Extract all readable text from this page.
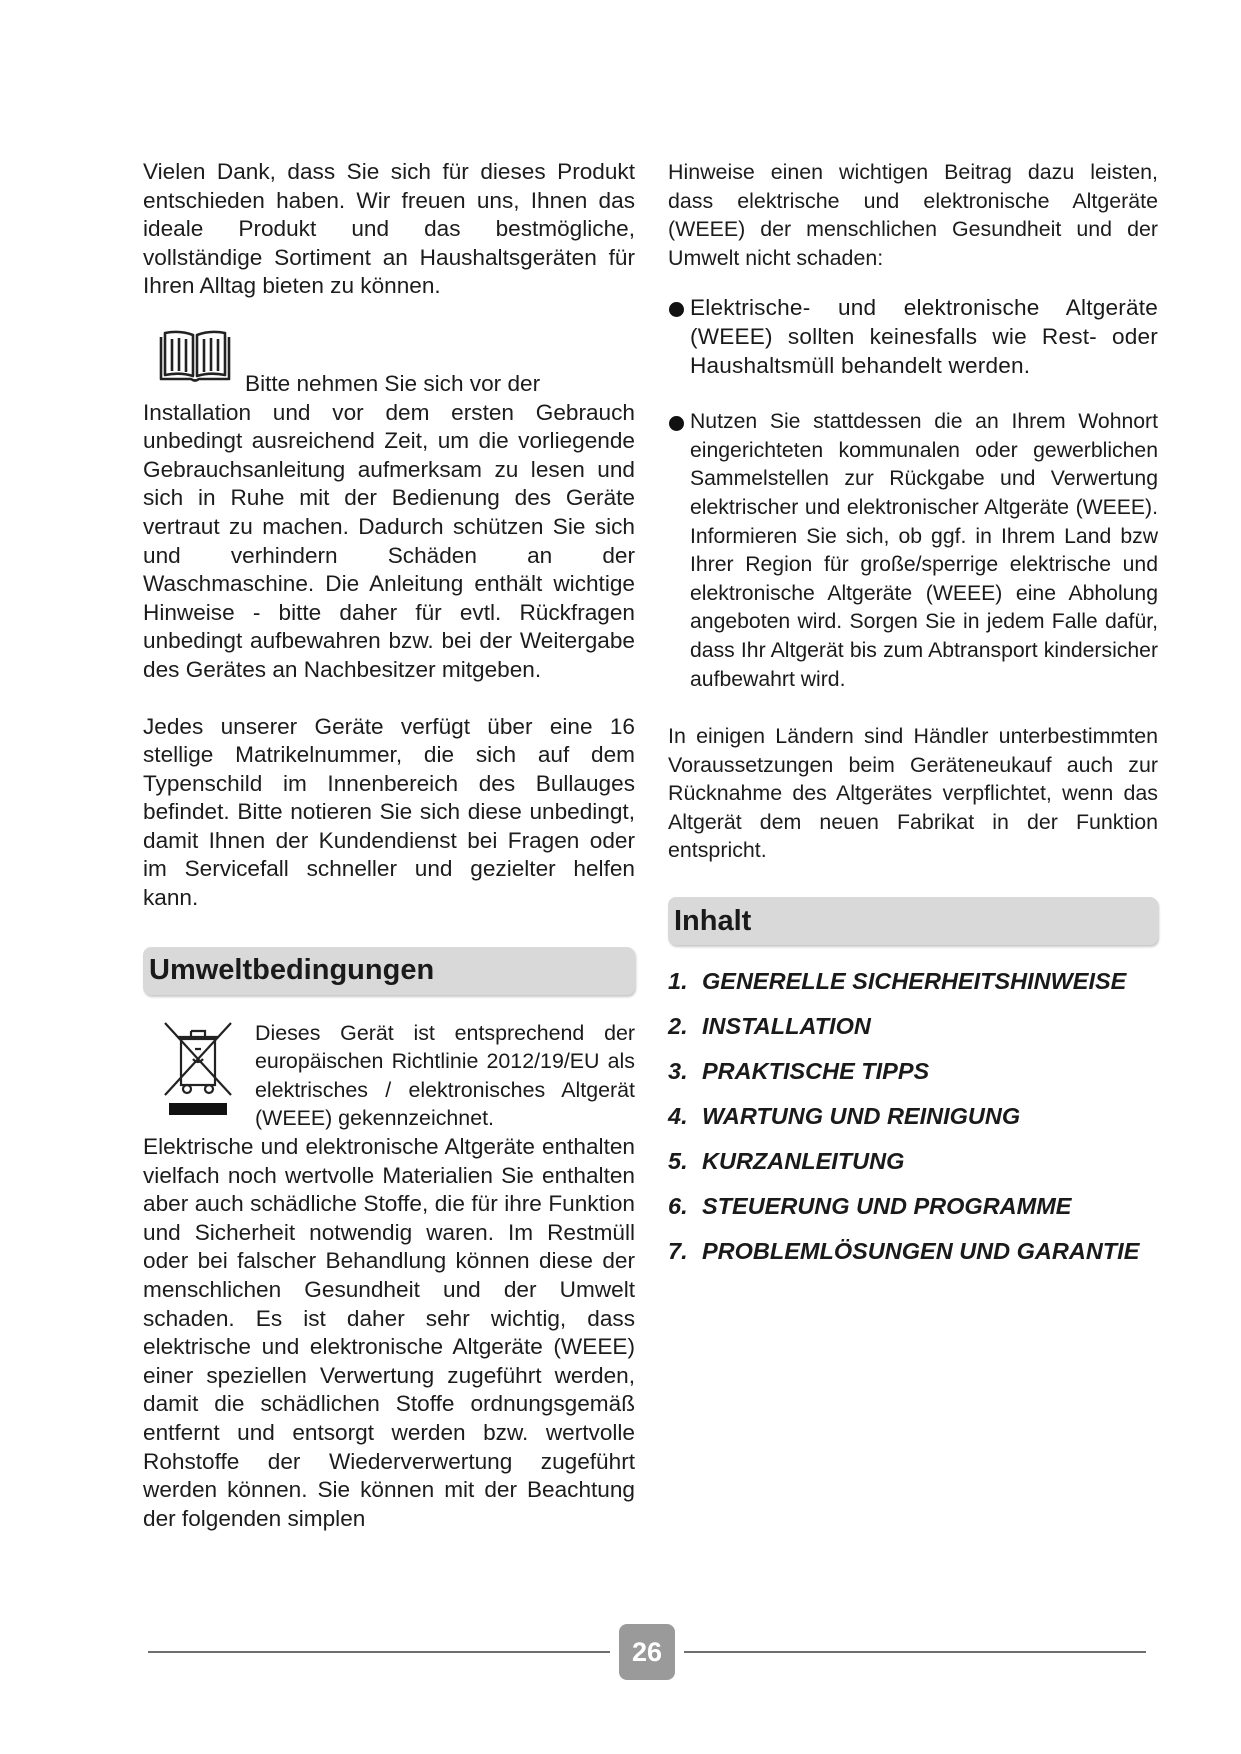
Vielen Dank, dass Sie sich für dieses Produkt entschieden haben. Wir freuen uns, Ihnen das ideale Produkt und das bestmögliche, vollständige Sortiment an Haushaltsgeräten für Ihren Alltag bieten zu können.

Bitte nehmen Sie sich vor der

Installation und vor dem ersten Gebrauch unbedingt ausreichend Zeit, um die vorliegende Gebrauchsanleitung aufmerksam zu lesen und sich in Ruhe mit der Bedienung des Geräte vertraut zu machen. Dadurch schützen Sie sich und verhindern Schäden an der Waschmaschine. Die Anleitung enthält wichtige Hinweise - bitte daher für evtl. Rückfragen unbedingt aufbewahren bzw. bei der Weitergabe des Gerätes an Nachbesitzer mitgeben.

Jedes unserer Geräte verfügt über eine 16 stellige Matrikelnummer, die sich auf dem Typenschild im Innenbereich des Bullauges befindet. Bitte notieren Sie sich diese unbedingt, damit Ihnen der Kundendienst bei Fragen oder im Servicefall schneller und gezielter helfen kann.

Umweltbedingungen
Dieses Gerät ist entsprechend der europäischen Richtlinie 2012/19/EU als elektrisches / elektronisches Altgerät (WEEE) gekennzeichnet.

Elektrische und elektronische Altgeräte enthalten vielfach noch wertvolle Materialien Sie enthalten aber auch schädliche Stoffe, die für ihre Funktion und Sicherheit notwendig waren. Im Restmüll oder bei falscher Behandlung können diese der menschlichen Gesundheit und der Umwelt schaden. Es ist daher sehr wichtig, dass elektrische und elektronische Altgeräte (WEEE) einer speziellen Verwertung zugeführt werden, damit die schädlichen Stoffe ordnungsgemäß entfernt und entsorgt werden bzw. wertvolle Rohstoffe der Wiederverwertung zugeführt werden können. Sie können mit der Beachtung der folgenden simplen

Hinweise einen wichtigen Beitrag dazu leisten, dass elektrische und elektronische Altgeräte (WEEE) der menschlichen Gesundheit und der Umwelt nicht schaden:

Elektrische- und elektronische Altgeräte (WEEE) sollten keinesfalls wie Rest- oder Haushaltsmüll behandelt werden.
Nutzen Sie stattdessen die an Ihrem Wohnort eingerichteten kommunalen oder gewerblichen Sammelstellen zur Rückgabe und Verwertung elektrischer und elektronischer Altgeräte (WEEE). Informieren Sie sich, ob ggf. in Ihrem Land bzw Ihrer Region für große/sperrige elektrische und elektronische Altgeräte (WEEE) eine Abholung angeboten wird. Sorgen Sie in jedem Falle dafür, dass Ihr Altgerät bis zum Abtransport kindersicher aufbewahrt wird.

In einigen Ländern sind Händler unterbestimmten Voraussetzungen beim Geräteneukauf auch zur Rücknahme des Altgerätes verpflichtet, wenn das Altgerät dem neuen Fabrikat in der Funktion entspricht.

Inhalt
1. GENERELLE SICHERHEITSHINWEISE
2. INSTALLATION
3. PRAKTISCHE TIPPS
4. WARTUNG UND REINIGUNG
5. KURZANLEITUNG
6. STEUERUNG UND PROGRAMME
7. PROBLEMLÖSUNGEN UND GARANTIE
26
